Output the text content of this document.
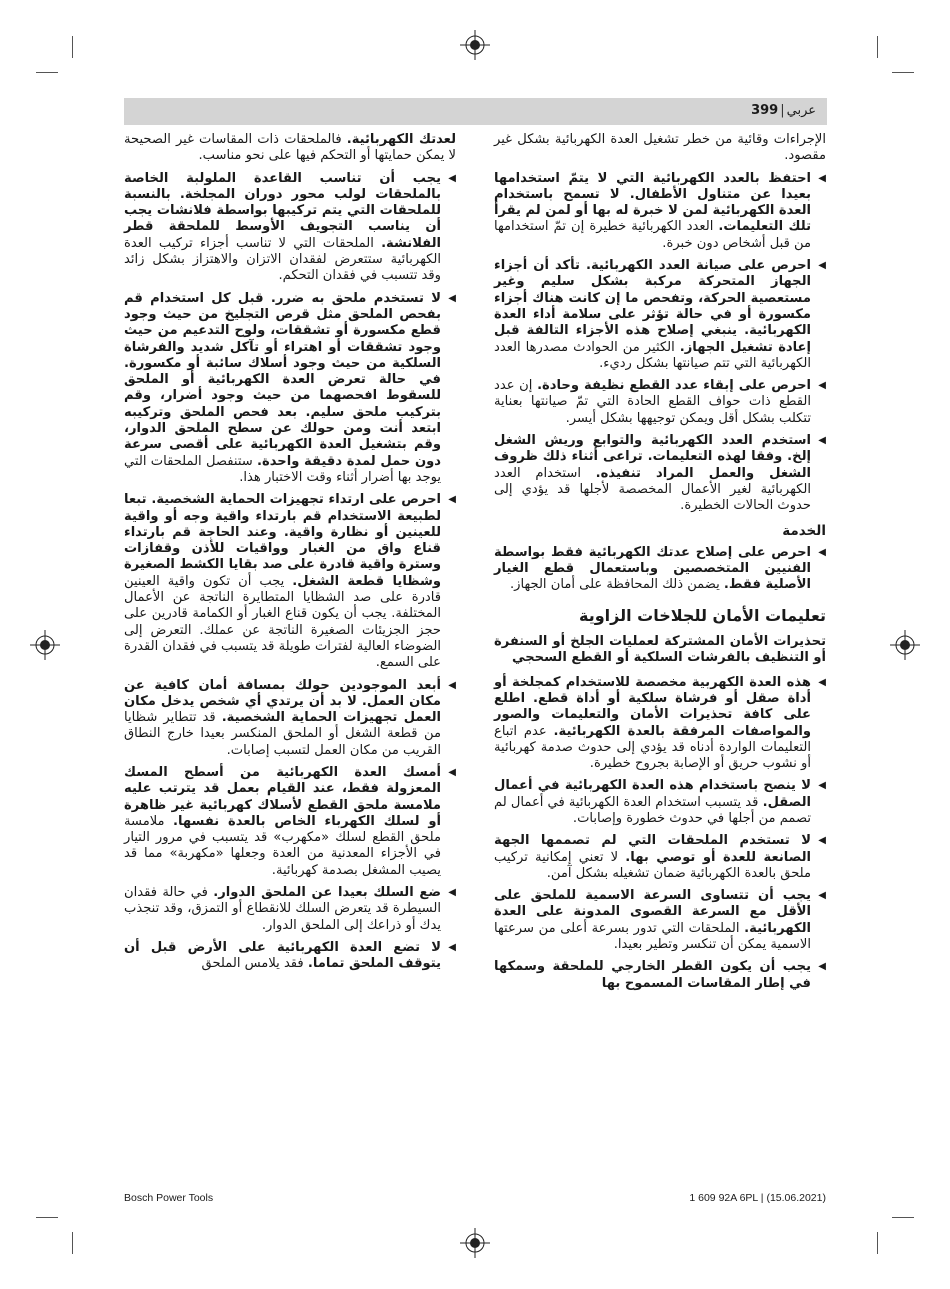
عربي|399

الإجراءات وقائية من خطر تشغيل العدة الكهربائية بشكل غير مقصود.

◀
احتفظ بالعدد الكهربائية التي لا يتمّ استخدامها بعيدا عن متناول الأطفال. لا تسمح باستخدام العدة الكهربائية لمن لا خبرة له بها أو لمن لم يقرأ تلك التعليمات. العدد الكهربائية خطيرة إن تمّ استخدامها من قبل أشخاص دون خبرة.
◀
احرص على صيانة العدد الكهربائية. تأكد أن أجزاء الجهاز المتحركة مركبة بشكل سليم وغير مستعصية الحركة، وتفحص ما إن كانت هناك أجزاء مكسورة أو في حالة تؤثر على سلامة أداء العدة الكهربائية. ينبغي إصلاح هذه الأجزاء التالفة قبل إعادة تشغيل الجهاز. الكثير من الحوادث مصدرها العدد الكهربائية التي تتم صيانتها بشكل رديء.
◀
احرص على إبقاء عدد القطع نظيفة وحادة. إن عدد القطع ذات حواف القطع الحادة التي تمّ صيانتها بعناية تتكلب بشكل أقل ويمكن توجيهها بشكل أيسر.
◀
استخدم العدد الكهربائية والتوابع وريش الشغل إلخ. وفقا لهذه التعليمات. تراعى أثناء ذلك ظروف الشغل والعمل المراد تنفيذه. استخدام العدد الكهربائية لغير الأعمال المخصصة لأجلها قد يؤدي إلى حدوث الحالات الخطيرة.
الخدمة
◀
احرص على إصلاح عدتك الكهربائية فقط بواسطة الفنيين المتخصصين وباستعمال قطع الغيار الأصلية فقط. يضمن ذلك المحافظة على أمان الجهاز.
تعليمات الأمان للجلاخات الزاوية
تحذيرات الأمان المشتركة لعمليات الجلخ أو السنفرة أو التنظيف بالفرشات السلكية أو القطع السحجي
◀
هذه العدة الكهربية مخصصة للاستخدام كمجلخة أو أداة صقل أو فرشاة سلكية أو أداة قطع. اطلع على كافة تحذيرات الأمان والتعليمات والصور والمواصفات المرفقة بالعدة الكهربائية. عدم اتباع التعليمات الواردة أدناه قد يؤدي إلى حدوث صدمة كهربائية أو نشوب حريق أو الإصابة بجروح خطيرة.
◀
لا ينصح باستخدام هذه العدة الكهربائية في أعمال الصقل. قد يتسبب استخدام العدة الكهربائية في أعمال لم تصمم من أجلها في حدوث خطورة وإصابات.
◀
لا تستخدم الملحقات التي لم تصممها الجهة الصانعة للعدة أو توصي بها. لا تعني إمكانية تركيب ملحق بالعدة الكهربائية ضمان تشغيله بشكل آمن.
◀
يجب أن تتساوى السرعة الاسمية للملحق على الأقل مع السرعة القصوى المدونة على العدة الكهربائية. الملحقات التي تدور بسرعة أعلى من سرعتها الاسمية يمكن أن تنكسر وتطير بعيدا.
◀
يجب أن يكون القطر الخارجي للملحقة وسمكها في إطار المقاسات المسموح بها

لعدتك الكهربائية. فالملحقات ذات المقاسات غير الصحيحة لا يمكن حمايتها أو التحكم فيها على نحو مناسب.

◀
يجب أن تناسب القاعدة الملولبة الخاصة بالملحقات لولب محور دوران المجلخة. بالنسبة للملحقات التي يتم تركيبها بواسطة فلانشات يجب أن يناسب التجويف الأوسط للملحقة قطر الفلانشة. الملحقات التي لا تناسب أجزاء تركيب العدة الكهربائية ستتعرض لفقدان الاتزان والاهتزاز بشكل زائد وقد تتسبب في فقدان التحكم.
◀
لا تستخدم ملحق به ضرر. قبل كل استخدام قم بفحص الملحق مثل قرص التجليخ من حيث وجود قطع مكسورة أو تشققات، ولوح التدعيم من حيث وجود تشققات أو اهتراء أو تآكل شديد والفرشاة السلكية من حيث وجود أسلاك سائبة أو مكسورة. في حالة تعرض العدة الكهربائية أو الملحق للسقوط افحصهما من حيث وجود أضرار، وقم بتركيب ملحق سليم. بعد فحص الملحق وتركيبه ابتعد أنت ومن حولك عن سطح الملحق الدوار، وقم بتشغيل العدة الكهربائية على أقصى سرعة دون حمل لمدة دقيقة واحدة. ستنفصل الملحقات التي يوجد بها أضرار أثناء وقت الاختبار هذا.
◀
احرص على ارتداء تجهيزات الحماية الشخصية. تبعا لطبيعة الاستخدام قم بارتداء واقية وجه أو واقية للعينين أو نظارة واقية. وعند الحاجة قم بارتداء قناع واق من الغبار وواقيات للأذن وقفازات وسترة واقية قادرة على صد بقايا الكشط الصغيرة وشظايا قطعة الشغل. يجب أن تكون واقية العينين قادرة على صد الشظايا المتطايرة الناتجة عن الأعمال المختلفة. يجب أن يكون قناع الغبار أو الكمامة قادرين على حجز الجزيئات الصغيرة الناتجة عن عملك. التعرض إلى الضوضاء العالية لفترات طويلة قد يتسبب في فقدان القدرة على السمع.
◀
أبعد الموجودين حولك بمسافة أمان كافية عن مكان العمل. لا بد أن يرتدي أي شخص يدخل مكان العمل تجهيزات الحماية الشخصية. قد تتطاير شظايا من قطعة الشغل أو الملحق المنكسر بعيدا خارج النطاق القريب من مكان العمل لتسبب إصابات.
◀
أمسك العدة الكهربائية من أسطح المسك المعزولة فقط، عند القيام بعمل قد يترتب عليه ملامسة ملحق القطع لأسلاك كهربائية غير ظاهرة أو لسلك الكهرباء الخاص بالعدة نفسها. ملامسة ملحق القطع لسلك «مكهرب» قد يتسبب في مرور التيار في الأجزاء المعدنية من العدة وجعلها «مكهربة» مما قد يصيب المشغل بصدمة كهربائية.
◀
ضع السلك بعيدا عن الملحق الدوار. في حالة فقدان السيطرة قد يتعرض السلك للانقطاع أو التمزق، وقد تنجذب يدك أو ذراعك إلى الملحق الدوار.
◀
لا تضع العدة الكهربائية على الأرض قبل أن يتوقف الملحق تماما. فقد يلامس الملحق
Bosch Power Tools	1 609 92A 6PL | (15.06.2021)
